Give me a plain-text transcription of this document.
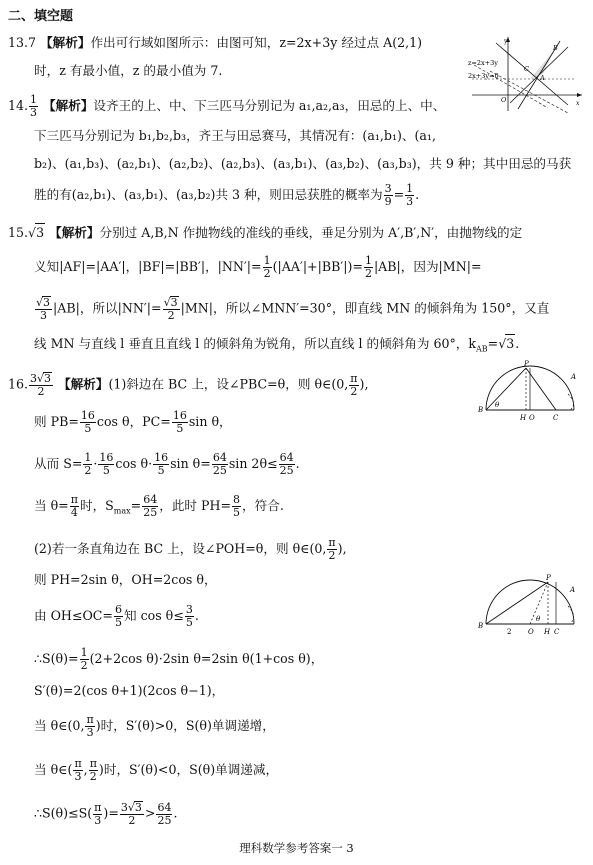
二、填空题
13.7 【解析】作出可行域如图所示：由图可知，z=2x+3y 经过点 A(2,1)
时，z 有最小值，z 的最小值为 7.
y
x
B
C
A
O
z=2x+3y
2x+3y=0
14. $\frac{1}{3}$ 【解析】设齐王的上、中、下三匹马分别记为 a₁,a₂,a₃，田忌的上、中、
下三匹马分别记为 b₁,b₂,b₃，齐王与田忌赛马，其情况有：(a₁,b₁)、(a₁,
b₂)、(a₁,b₃)、(a₂,b₁)、(a₂,b₂)、(a₂,b₃)、(a₃,b₁)、(a₃,b₂)、(a₃,b₃)，共 9 种；其中田忌的马获
胜的有(a₂,b₁)、(a₃,b₁)、(a₃,b₂)共 3 种，则田忌获胜的概率为 $\frac{3}{9} = \frac{1}{3}$ .
15.√3 【解析】分别过 A,B,N 作抛物线的准线的垂线，垂足分别为 A′,B′,N′，由抛物线的定
义知|AF|=|AA′|，|BF|=|BB′|，$|NN'|= \frac{1}{2} (|AA'|+|BB'|)= \frac{1}{2} |AB|$，因为|MN|=
$\frac{√3}{3} |AB|$，所以$|NN'|= \frac{√3}{2} |MN|$，所以∠MNN′=30°，即直线 MN 的倾斜角为 150°，又直
线 MN 与直线 l 垂直且直线 l 的倾斜角为锐角，所以直线 l 的倾斜角为 60°，$k_{AB}=√3$.
16. $\frac{3√3}{2}$ 【解析】(1)斜边在 BC 上，设∠PBC=θ，则 θ∈(0, $\frac{\pi}{2}$ ),
则 $PB= \frac{16}{5}$ cos θ，$PC= \frac{16}{5}$ sin θ，
从而 $S= \frac{1}{2} \cdot \frac{16}{5}$ $\cos \theta\cdot \frac{16}{5}$ $\sin \theta= \frac{64}{25}$ $\sin 2\theta\le \frac{64}{25}$ .
当 $\theta= \frac{\pi}{4}$ 时，$S_{max}= \frac{64}{25}$ ，此时 $PH= \frac{8}{5}$ ，符合.
(2)若一条直角边在 BC 上，设∠POH=θ，则 θ∈(0, $\frac{\pi}{2}$ ),
则 PH=2sin θ，OH=2cos θ，
由 $OH\le OC= \frac{6}{5}$ 知 $\cos \theta\le \frac{3}{5}$ .
∴S(θ)= $\frac{1}{2} (2+2\cos$ θ)·2sin θ=2sin θ(1+cos θ)，
S′(θ)=2(cos θ+1)(2cos θ−1)，
当 θ∈(0, $\frac{\pi}{3}$ )时，S′(θ)>0，S(θ)单调递增，
当 θ∈( $\frac{\pi}{3}$ , $\frac{\pi}{2}$ )时，S′(θ)<0，S(θ)单调递减，
∴S(θ)≤S( $\frac{\pi}{3}$ )= $\frac{3√3}{2} > \frac{64}{25}$ .
P
A
B
H O	C
θ
P
A
B
2 O H C
θ
理科数学参考答案一 3
